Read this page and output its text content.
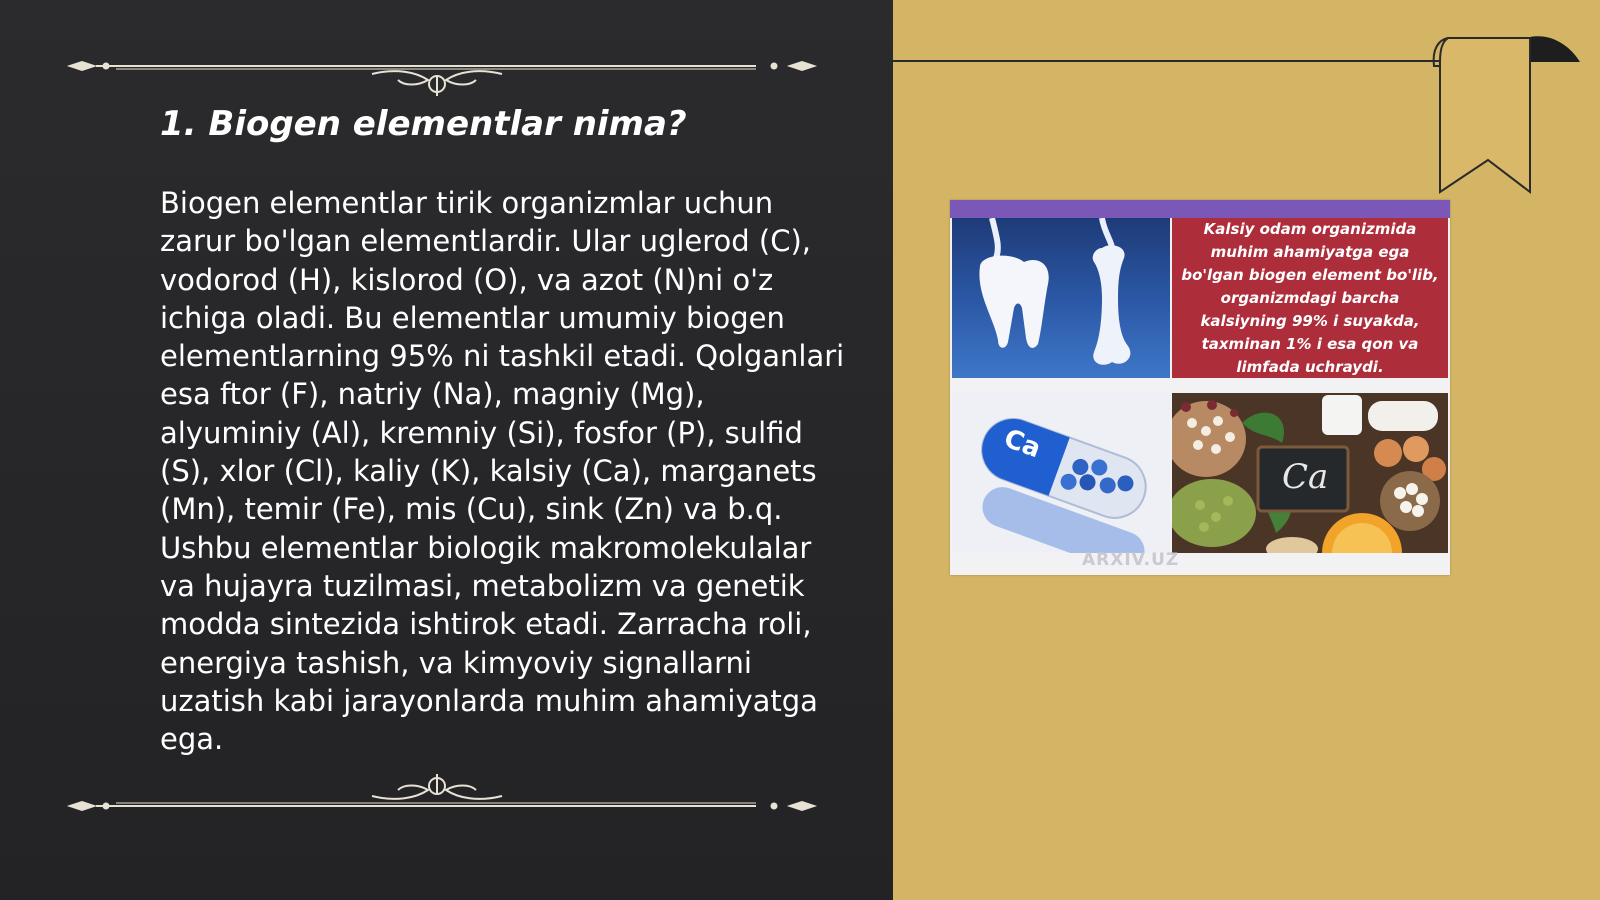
1. Biogen elementlar nima?

Biogen elementlar tirik organizmlar uchun zarur bo'lgan elementlardir. Ular uglerod (C), vodorod (H), kislorod (O), va azot (N)ni o'z ichiga oladi. Bu elementlar umumiy biogen elementlarning 95% ni tashkil etadi. Qolganlari esa ftor (F), natriy (Na), magniy (Mg), alyuminiy (Al), kremniy (Si), fosfor (P), sulfid (S), xlor (Cl), kaliy (K), kalsiy (Ca), marganets (Mn), temir (Fe), mis (Cu), sink (Zn) va b.q. Ushbu elementlar biologik makromolekulalar va hujayra tuzilmasi, metabolizm va genetik modda sintezida ishtirok etadi. Zarracha roli, energiya tashish, va kimyoviy signallarni uzatish kabi jarayonlarda muhim ahamiyatga ega.

Kalsiy odam organizmida muhim ahamiyatga ega bo'lgan biogen element bo'lib, organizmdagi barcha kalsiyning 99% i suyakda, taxminan 1% i esa qon va limfada uchraydi.
Ca
Ca
ARXIV.UZ
